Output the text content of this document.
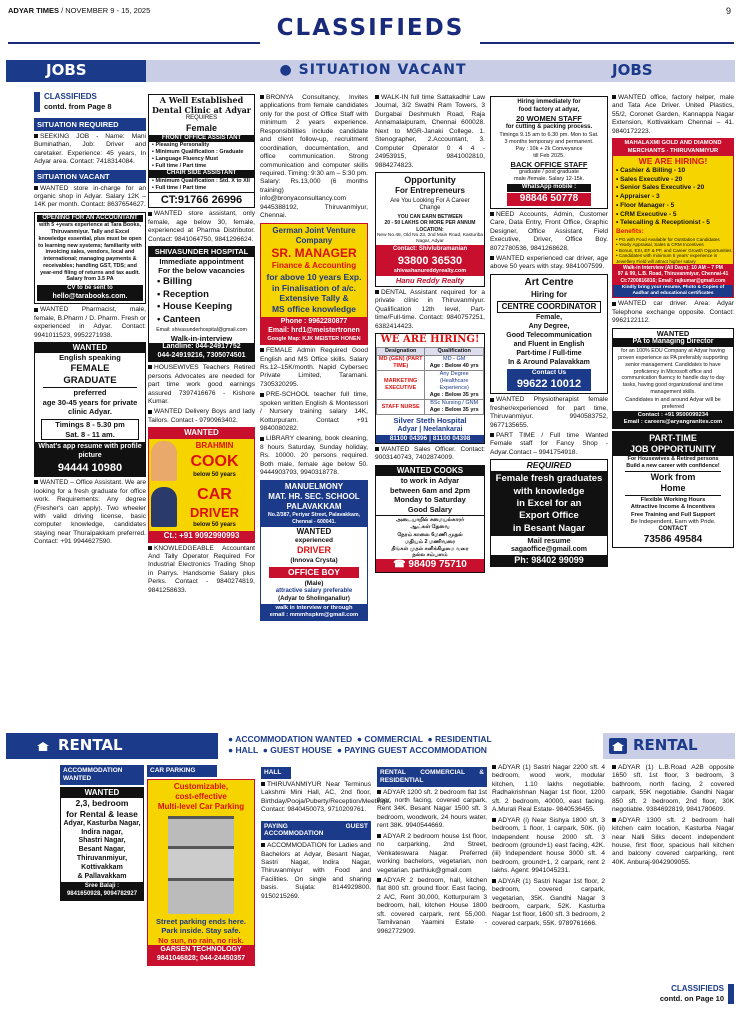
ADYAR TIMES / NOVEMBER 9 - 15, 2025
CLASSIFIEDS
9
JOBS	● SITUATION VACANT	JOBS
CLASSIFIEDS
contd. from Page 8
SITUATION REQUIRED

SEEKING JOB - Name: Mani Buminathan, Job: Driver and caretaker. Experience: 45 years, In Adyar area. Contact: 7418314084.

SITUATION VACANT

WANTED store in-charge for an organic shop in Adyar. Salary 12K – 14K per month. Contact: 8637654627.

OPENING FOR AN ACCOUNTANT
with 5 +years experience at Tara Books, Thiruvanmiyur. Tally and Excel knowledge essential, plus must be open to learning new systems; familiarity with invoicing sales, vendors, local and international; managing payments & receivables; handling GST, TDS; and year-end filing of returns and tax audit. Salary from 3.5 PA
CV to be sent to
hello@tarabooks.com.

WANTED Pharmacist, male, female, B.Pharm / D. Pharm. Fresh or experienced in Adyar. Contact: 9941011523, 9952271938.

WANTED
English speaking
FEMALE GRADUATE
preferred
age 30-45 years for private clinic Adyar.
Timings 8 - 5.30 pm
Sat. 8 - 11 am.
What's app resume with profile picture
94444 10980

WANTED – Office Assistant. We are looking for a fresh graduate for office work. Requirements: Any degree (Fresher's can apply). Two wheeler with valid driving license, basic computer knowledge, candidates staying near Thuraipakkam preferred. Contact: +91 9944627590.

A Well Established
Dental Clinic at Adyar
REQUIRES
Female
FRONT OFFICE ASSISTANT
▪ Pleasing Personality
▪ Minimum Qualification : Graduate
▪ Language Fluency Must
▪ Full time / Part time
CHAIR SIDE ASSISTANT
▪ Minimum Qualification : Std. X to XII
▪ Full time / Part time
CT:91766 26996

WANTED store assistant, only female, age below 30, female, experienced at Pharma Distributor. Contact: 9841064750, 9841296624.

SHIVASUNDER HOSPITAL
Immediate appointment
For the below vacancies
• Billing
• Reception
• House Keeping
• Canteen
Email: shivasunderhospital@gmail.com
Walk-in-interview
Landline: 044-24917752
044-24919216, 7305074501

HOUSEWIVES Teachers Retired persons Advocates are needed for part time work good earnings assured 7397416676 - Kishore Kumar.

WANTED Delivery Boys and lady Tailors. Contact - 9790963402.

WANTED
BRAHMIN
COOK
below 50 years
CAR
DRIVER
below 50 years
Ct.: +91 9092990993

KNOWLEDGEABLE Accountant And Tally Operator Required For Industrial Electronics Trading Shop in Parrys. Handsome Salary plus Perks. Contact - 9840274819, 9841258633.

BRONYA Consultancy, Invites applications from female candidates only for the post of Office Staff with minimum 2 years experience. Responsibilities include candidate and client follow-up, recruitment coordination, documentation, and office communication. Strong communication and computer skills required. Timing: 9:30 am – 5:30 pm. Salary: Rs.13,000 (6 months training) info@bronyaconsultancy.com 9445388192, Thiruvanmiyur, Chennai.

German Joint Venture
Company
SR. MANAGER
Finance & Accounting
for above 10 years Exp.
in Finalisation of a/c.
Extensive Tally &
MS office knowledge
Phone : 9962280877
Email: hrd1@meistertronen
Google Map: KJK MEISTER HONEN

FEMALE Admin Required Good English and MS Office skills. Salary Rs.12–15K/month. Napid Cybersec Private Limited, Taramani. 7305320295.

PRE-SCHOOL teacher full time, spoken written English & Montessori / Nursery training salary 14K, Kotturpuram. Contact +91 9840080282.

LIBRARY cleaning, book cleaning, 8 hours Saturday, Sunday holiday, Rs. 10000. 20 persons required. Both male, female age below 50. 9444903793, 9940318778.

MANUELMONY
MAT. HR. SEC. SCHOOL
PALAVAKKAM
No.2/387, Periyar Street, Palavakkam, Chennai - 600041.
WANTED
experienced
DRIVER
(Innova Crysta)
OFFICE BOY
(Male)
attractive salary preferable
(Adyar to Sholinganallur)
walk in interview or through
email : mmmhspkm@gmail.com

WALK-IN full time Sattakadhir Law Journal, 3/2 Swathi Ram Towers, 3 Durgabai Deshmukh Road, Raja Annamalaipuram, Chennai 600028. Next to MGR-Janaki College. 1. Stenographer, 2.Accountant, 3. Computer Operator 0 4 4 - 24953915, 9841002810, 9884274823.

Opportunity
For Entrepreneurs
Are You Looking For A Career Change
YOU CAN EARN BETWEEN
20 - 50 LAKHS OR MORE PER ANNUM
LOCATION:
New No.48, Old No.23, 2nd Main Road, Kasturiba Nagar, Adyar
Contact: Shivlubramanian
93800 36530
shivashanureddyrealty.com
Hanu Reddy Realty

DENTAL Assistant required for a private clinic in Thiruvanmiyur. Qualification 12th level, Part-time/Full-time. Contact: 9840757251, 6382414423.

WE ARE HIRING!
Designation	Qualification
MD (GEN) (PART TIME)	MD - GM
Age : Below 40 yrs

MARKETING EXECUTIVE	Any Degree (Healthcare Experience)
Age : Below 35 yrs

STAFF NURSE	BSc Nursing / GNM
Age : Below 35 yrs
Silver Steth Hospital
Adyar | Neelankarai
81100 04396 | 81100 04398

WANTED Sales Officer. Contact: 9003140743, 7402874009.

WANTED COOKS
to work in Adyar
between 6am and 2pm
Monday to Saturday
Good Salary
அடையாறில் சமையல்காரர்
ஆட்கள் தேவை
நேரம் காலை 6மணி முதல்
மதியம் 2 மணிவரை
திங்கள் முதல் சனிக்கிழமை வரை
நல்ல சம்பளம்
☎ 98409 75710
Hiring immediately for
food factory at adyar,
20 WOMEN STAFF
for cutting & packing process.
Timings 9.15 am to 6.30 pm. Mon to Sat.
3 months temporary and permanent.
Pay : 10k + 2k Conveyance
till Feb 2025.
BACK OFFICE STAFF
graduate / post graduate
male /female. Salary 12-15k.
WhatsApp mobile :
98846 50778

NEED Accounts, Admin, Customer Care, Data Entry, Front Office, Graphic Designer, Office Assistant, Field Executive, Driver, Office Boy. 8072780536, 9841268628.

WANTED experienced car driver, age above 50 years with stay. 9841007599.

Art Centre
Hiring for
CENTRE COORDINATOR
Female,
Any Degree,
Good Telecommunication
and Fluent in English
Part-time / Full-time
In & Around Palavakkam
Contact Us
99622 10012

WANTED Physiotherapist female fresher/experienced for part time, Thiruvanmiyur. 9940583752, 9677135655.

PART TIME / Full time Wanted Female staff for Fancy Shop - Adyar.Contact – 9941754918.

REQUIRED
Female fresh graduates
with knowledge
in Excel for an
Export Office
in Besant Nagar
Mail resume
sagaoffice@gmail.com
Ph: 98402 99099

WANTED office, factory helper, male and Tata Ace Driver. United Plastics, 55/2, Coronet Garden, Kannappa Nagar Extension, Kottivakkam Chennai – 41. 9840172223.

MAHALAXMI GOLD AND DIAMOND MERCHANTS - THIRUVANMIYUR
WE ARE HIRING!
• Cashier & Billing - 10
• Sales Executive - 20
• Senior Sales Executive - 20
• Appraiser - 3
• Floor Manager - 5
• CRM Executive - 5
• Telecalling & Receptionist - 5
Benefits:
• PG with Food Available for Outstation Candidates
• Yearly Appraisal, Sales & CRM Incentives
• Bonus, ESI, EF & PF, and Career Growth Opportunities
• Candidates with minimum 5 years' experience in Jewellery Field will attract higher salary
Walk-in Interview (All Days): 10 AM – 7 PM
97 & 99, L.B. Road, Thiruvanmiyur, Chennai-41
Ct:7200816816; Email: rajkumar@gmail.com
Kindly bring your resume, Photo & Copies of Aadhar and educational certificates

WANTED car driver. Area: Adyar Telephone exchange opposite. Contact: 9962122112.

WANTED
PA to Managing Director
for an 100% EOU Company at Adyar having proven experience as PA preferably supporting senior management. Candidates to have proficiency in Microsoft office and communication fluency to handle day to day tasks, having good organizational and time management skills.
Candidates in and around Adyar will be preferred
Contact : +91 9500099234
Email : careers@aryangranites.com
PART-TIME
JOB OPPORTUNITY
For Housewives & Retired persons
Build a new career with confidence!
Work from
Home
Flexible Working Hours
Attractive Income & Incentives
Free Training and Full Support
Be Independent, Earn with Pride.
CONTACT
73586 49584
RENTAL	● ACCOMMODATION WANTED  ● COMMERCIAL  ● RESIDENTIAL
● HALL  ● GUEST HOUSE  ● PAYING GUEST ACCOMMODATION	RENTAL
ACCOMMODATION WANTED
WANTED
2,3, bedroom
for Rental & lease
Adyar, Kasturba Nagar,
Indira nagar,
Shastri Nagar,
Besant Nagar,
Thiruvanmiyur,
Kottivakkam
& Pallavakkam
Sree Balaji :
9841650928, 9094782927
CAR PARKING
Customizable,
cost-effective
Multi-level Car Parking
Street parking ends here.
Park inside. Stay safe.
No sun, no rain, no risk.
GARSEN TECHNOLOGY
9841046828; 044-24450357
HALL

THIRUVANMIYUR Near Terminus Lakshmi Mini Hall, AC, 2nd floor, Birthday/Pooja/Puberty/Reception/Meetings. Contact: 9840450073, 9710209761.

PAYING GUEST ACCOMMODATION

ACCOMMODATION for Ladies and Bachelors at Adyar, Besant Nagar, Sastri Nagar, Indira Nagar, Thiruvanmiyur with Food and Facilities. On single and sharing basis. Sujata: 8144929800, 9150215269.

RENTAL COMMERCIAL & RESIDENTIAL

ADYAR 1200 sft. 2 bedroom flat 1st floor, north facing, covered carpark, Rent 34K. Besant Nagar 1500 sft. 3 bedroom, woodwork, 24 hours water, rent 38K. 9940544669.

ADYAR 2 bedroom house 1st floor, no carparking, 2nd Street, Venkateswara Nagar. Preferred working bachelors, vegetarian, non vegetarian. parthiuk@gmail.com

ADYAR 2 bedroom, hall, kitchen flat 800 sft. ground floor. East facing, 2 A/C, Rent 30,000, Kotturpuram 3 bedroom, hall, kitchen House 1800 sft. covered carpark, rent 55,000. Tamilvanan Yaamini Estate - 9962772909.

ADYAR (1) Sastri Nagar 2200 sft. 4 bedroom, wood work, modular kitchen, 1.10 lakhs negotiable. Radhakrishnan Nagar 1st floor, 1200 sft. 2 bedroom, 40000, east facing. A.Murali Real Estate- 9840536455.

ADYAR (i) Near Sishya 1800 sft. 3 bedroom, 1 floor, 1 carpark, 50K. (ii) Independent house 2000 sft. 3 bedroom (ground+1) east facing, 42K. (iii) Independent house 3000 sft. 4 bedroom, ground+1, 2 carpark, rent 2 lakhs. Agent: 9941045231.

ADYAR (1) Sastri Nagar 1st floor, 2 bedroom, covered carpark, vegetarian, 35K. Gandhi Nagar 3 bedroom, carpark, 52K. Kasturba Nagar 1st floor, 1600 sft. 3 bedroom, 2 covered carpark, 55K. 9789761666.

ADYAR (1) L.B.Road A2B opposite 1650 sft. 1st floor, 3 bedroom, 3 bathroom, north facing, 2 covered carpark, 55K negotiable. Gandhi Nagar 850 sft. 2 bedroom, 2nd floor, 30K negotiable. 9384692819, 9841780609.

ADYAR 1300 sft. 2 bedroom hall kitchen calm location, Kasturba Nagar near Nalli Silks decent independent house, first floor, spacious hall kitchen and balcony covered carparking, rent 40K. Anburaj-9042909055.

CLASSIFIEDS
contd. on Page 10
